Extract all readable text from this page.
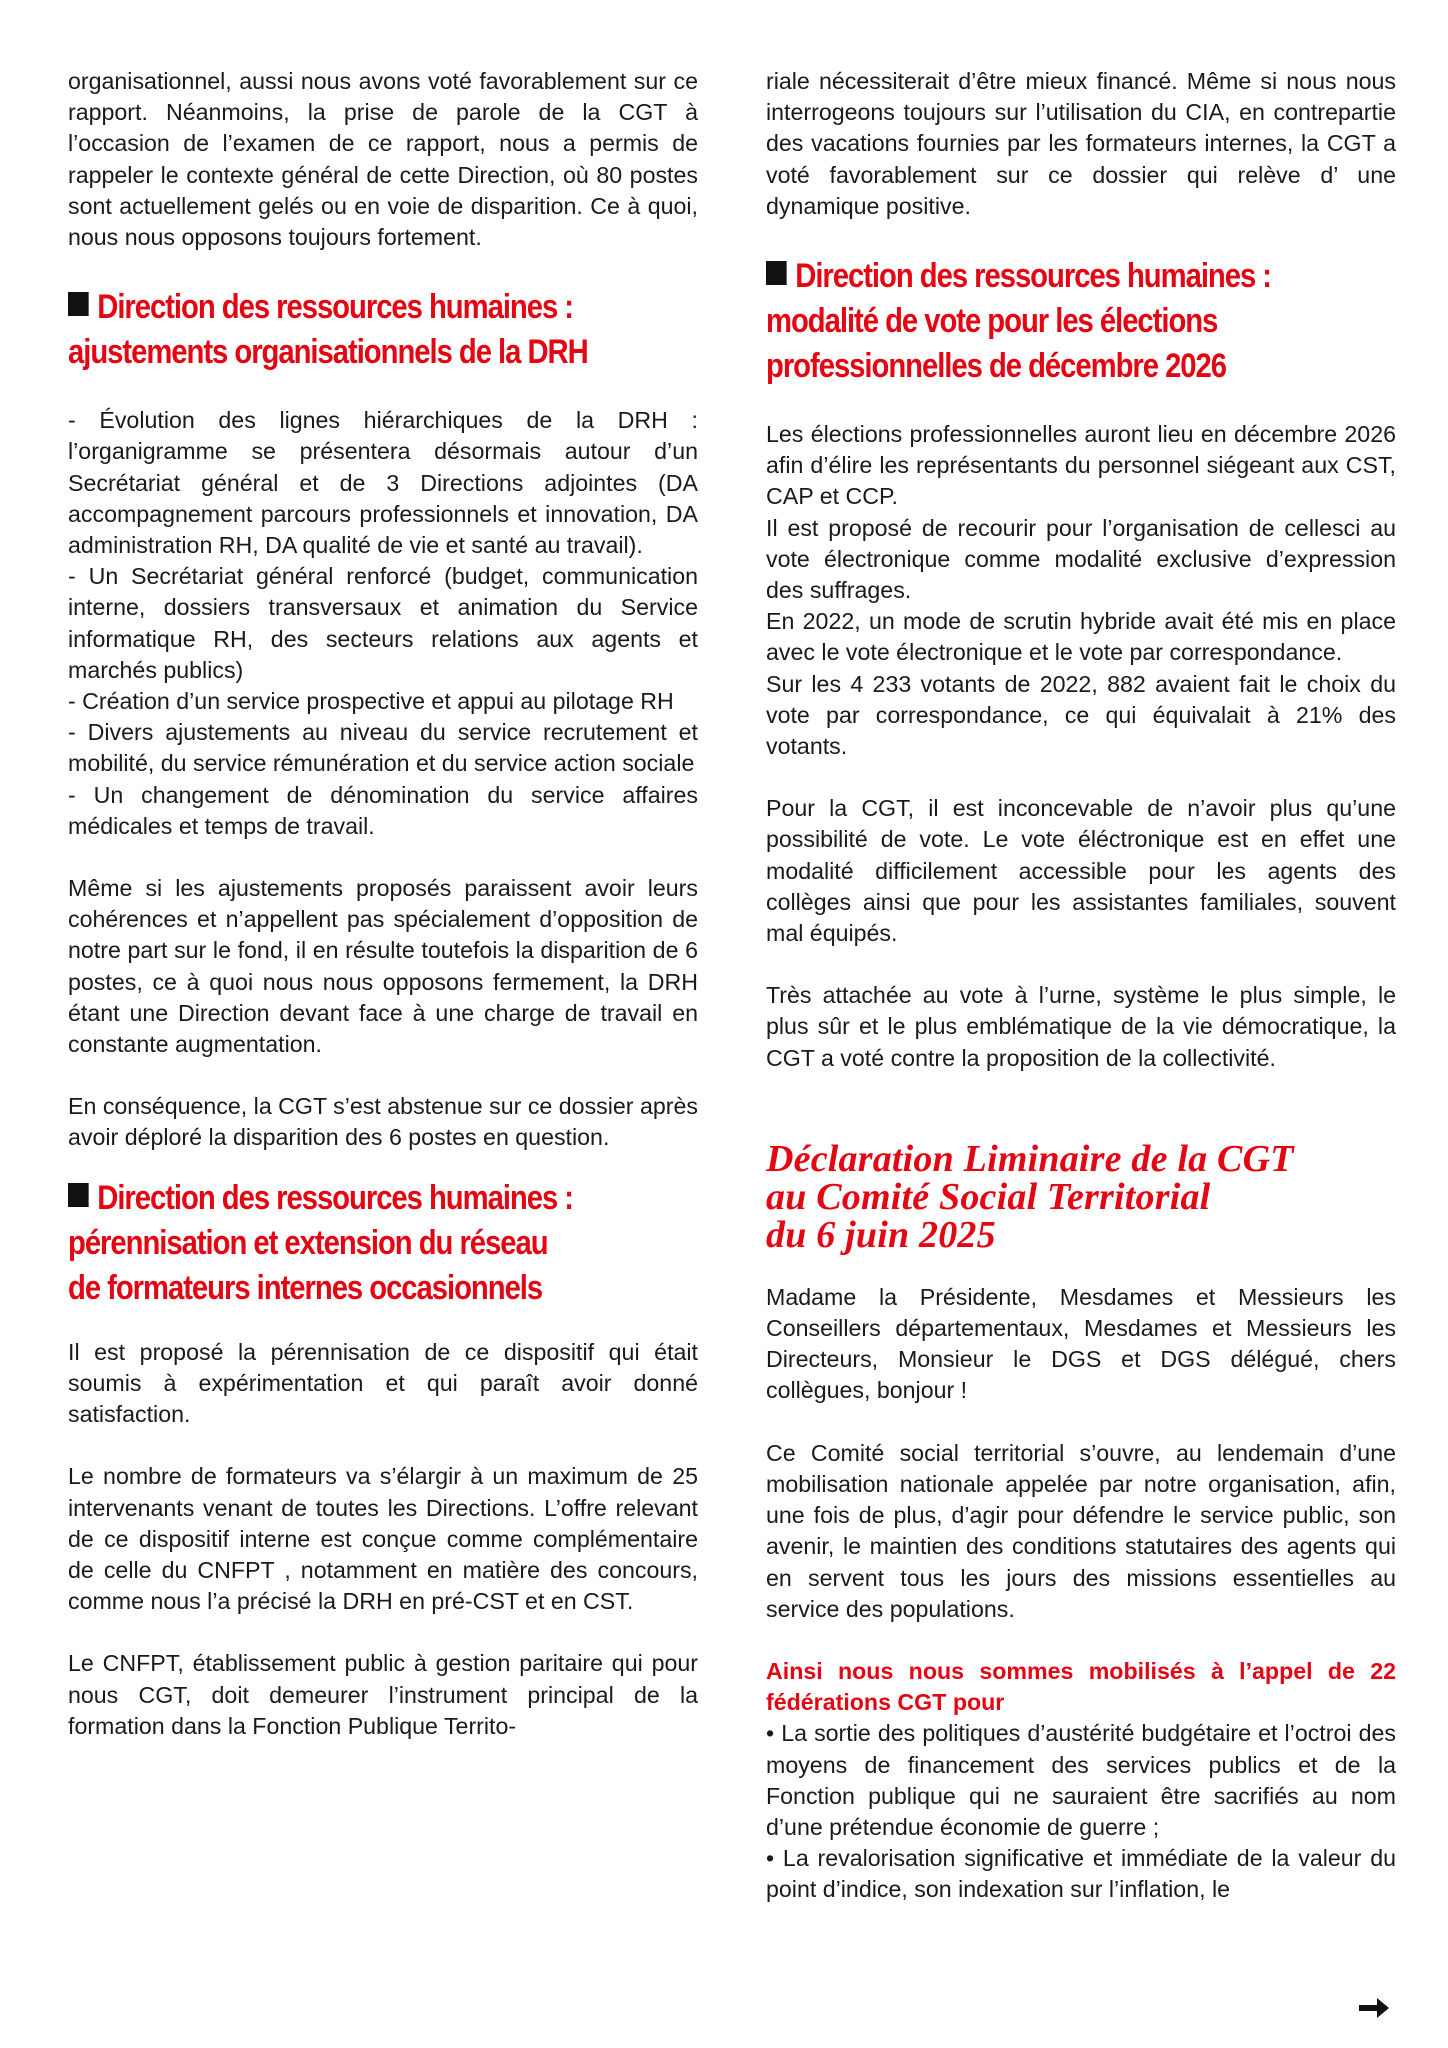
organisationnel, aussi nous avons voté favorablement sur ce rapport. Néanmoins, la prise de parole de la CGT à l’occasion de l’examen de ce rapport, nous a permis de rappeler le contexte général de cette Direction, où 80 postes sont actuellement gelés ou en voie de disparition. Ce à quoi, nous nous opposons toujours fortement.

Direction des ressources humaines :
ajustements organisationnels de la DRH

- Évolution des lignes hiérarchiques de la DRH : l’organigramme se présentera désormais autour d’un Secrétariat général et de 3 Directions adjointes (DA accompagnement parcours professionnels et innovation, DA administration RH, DA qualité de vie et santé au travail).

- Un Secrétariat général renforcé (budget, communication interne, dossiers transversaux et animation du Service informatique RH, des secteurs relations aux agents et marchés publics)

- Création d’un service prospective et appui au pilotage RH

- Divers ajustements au niveau du service recrutement et mobilité, du service rémunération et du service action sociale

- Un changement de dénomination du service affaires médicales et temps de travail.

Même si les ajustements proposés paraissent avoir leurs cohérences et n’appellent pas spécialement d’opposition de notre part sur le fond, il en résulte toutefois la disparition de 6 postes, ce à quoi nous nous opposons fermement, la DRH étant une Direction devant face à une charge de travail en constante augmentation.

En conséquence, la CGT s’est abstenue sur ce dossier après avoir déploré la disparition des 6 postes en question.

Direction des ressources humaines :
pérennisation et extension du réseau
de formateurs internes occasionnels

Il est proposé la pérennisation de ce dispositif qui était soumis à expérimentation et qui paraît avoir donné satisfaction.

Le nombre de formateurs va s’élargir à un maximum de 25 intervenants venant de toutes les Directions. L’offre relevant de ce dispositif interne est conçue comme complémentaire de celle du CNFPT , notamment en matière des concours, comme nous l’a précisé la DRH en pré-CST et en CST.

Le CNFPT, établissement public à gestion paritaire qui pour nous CGT, doit demeurer l’instrument principal de la formation dans la Fonction Publique Territo-

riale nécessiterait d’être mieux financé. Même si nous nous interrogeons toujours sur l’utilisation du CIA, en contrepartie des vacations fournies par les formateurs internes, la CGT a voté favorablement sur ce dossier qui relève d’ une dynamique positive.

Direction des ressources humaines :
modalité de vote pour les élections
professionnelles de décembre 2026

Les élections professionnelles auront lieu en décembre 2026 afin d’élire les représentants du personnel siégeant aux CST, CAP et CCP.

Il est proposé de recourir pour l’organisation de cellesci au vote électronique comme modalité exclusive d’expression des suffrages.

En 2022, un mode de scrutin hybride avait été mis en place avec le vote électronique et le vote par correspondance.

Sur les 4 233 votants de 2022, 882 avaient fait le choix du vote par correspondance, ce qui équivalait à 21% des votants.

Pour la CGT, il est inconcevable de n’avoir plus qu’une possibilité de vote. Le vote éléctronique est en effet une modalité difficilement accessible pour les agents des collèges ainsi que pour les assistantes familiales, souvent mal équipés.

Très attachée au vote à l’urne, système le plus simple, le plus sûr et le plus emblématique de la vie démocratique, la CGT a voté contre la proposition de la collectivité.

Déclaration Liminaire de la CGT

au Comité Social Territorial

du 6 juin 2025

Madame la Présidente, Mesdames et Messieurs les Conseillers départementaux, Mesdames et Messieurs les Directeurs, Monsieur le DGS et DGS délégué, chers collègues, bonjour !

Ce Comité social territorial s’ouvre, au lendemain d’une mobilisation nationale appelée par notre organisation, afin, une fois de plus, d’agir pour défendre le service public, son avenir, le maintien des conditions statutaires des agents qui en servent tous les jours des missions essentielles au service des populations.

Ainsi nous nous sommes mobilisés à l’appel de 22 fédérations CGT pour

• La sortie des politiques d’austérité budgétaire et l’octroi des moyens de financement des services publics et de la Fonction publique qui ne sauraient être sacrifiés au nom d’une prétendue économie de guerre ;

• La revalorisation significative et immédiate de la valeur du point d’indice, son indexation sur l’inflation, le
